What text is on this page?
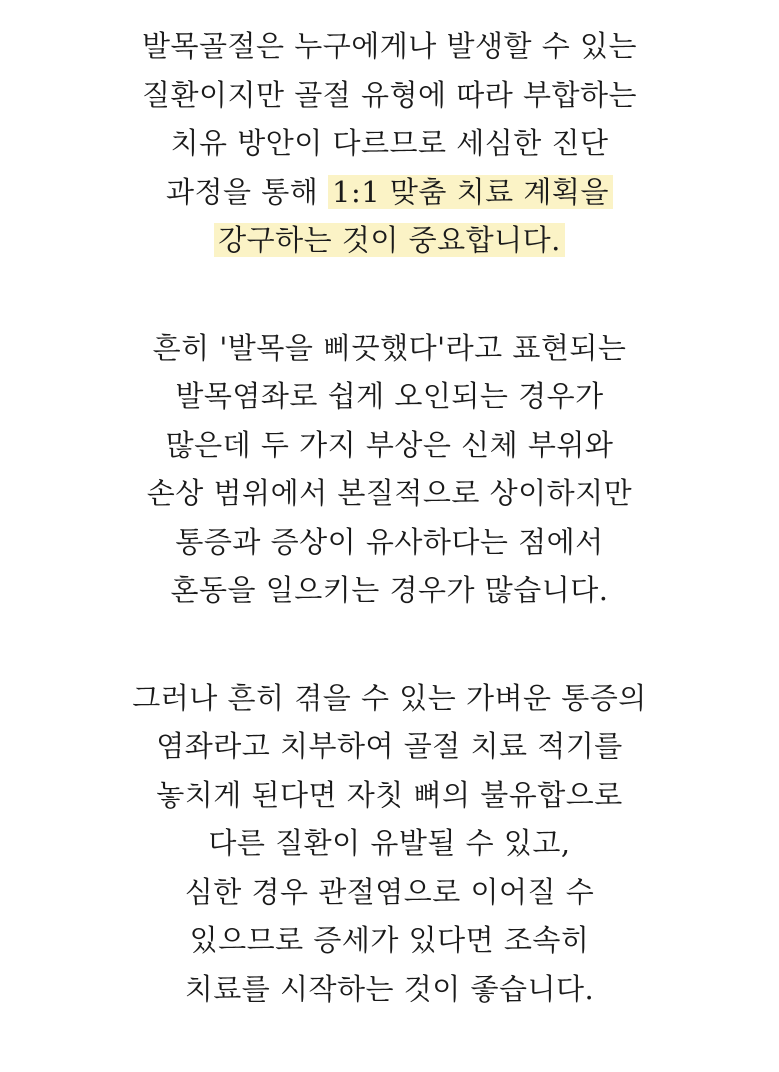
발목골절은 누구에게나 발생할 수 있는
질환이지만 골절 유형에 따라 부합하는
치유 방안이 다르므로 세심한 진단
과정을 통해 1:1 맞춤 치료 계획을
강구하는 것이 중요합니다.
흔히 '발목을 삐끗했다'라고 표현되는
발목염좌로 쉽게 오인되는 경우가
많은데 두 가지 부상은 신체 부위와
손상 범위에서 본질적으로 상이하지만
통증과 증상이 유사하다는 점에서
혼동을 일으키는 경우가 많습니다.
그러나 흔히 겪을 수 있는 가벼운 통증의
염좌라고 치부하여 골절 치료 적기를
놓치게 된다면 자칫 뼈의 불유합으로
다른 질환이 유발될 수 있고,
심한 경우 관절염으로 이어질 수
있으므로 증세가 있다면 조속히
치료를 시작하는 것이 좋습니다.
